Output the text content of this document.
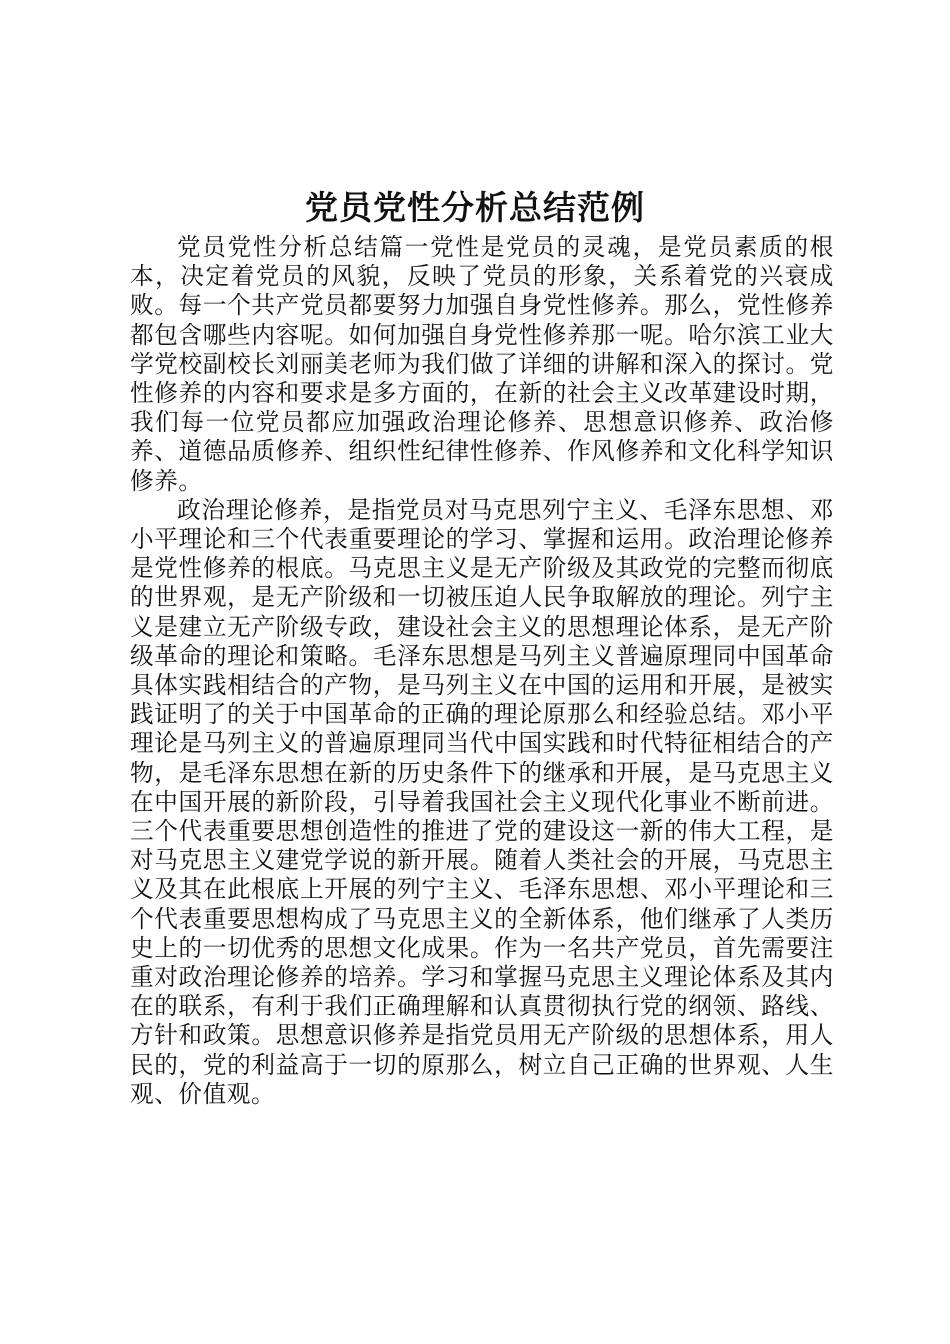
党员党性分析总结范例

党员党性分析总结篇一党性是党员的灵魂，是党员素质的根本，决定着党员的风貌，反映了党员的形象，关系着党的兴衰成败。每一个共产党员都要努力加强自身党性修养。那么，党性修养都包含哪些内容呢。如何加强自身党性修养那一呢。哈尔滨工业大学党校副校长刘丽美老师为我们做了详细的讲解和深入的探讨。党性修养的内容和要求是多方面的，在新的社会主义改革建设时期，我们每一位党员都应加强政治理论修养、思想意识修养、政治修养、道德品质修养、组织性纪律性修养、作风修养和文化科学知识修养。

政治理论修养，是指党员对马克思列宁主义、毛泽东思想、邓小平理论和三个代表重要理论的学习、掌握和运用。政治理论修养是党性修养的根底。马克思主义是无产阶级及其政党的完整而彻底的世界观，是无产阶级和一切被压迫人民争取解放的理论。列宁主义是建立无产阶级专政，建设社会主义的思想理论体系，是无产阶级革命的理论和策略。毛泽东思想是马列主义普遍原理同中国革命具体实践相结合的产物，是马列主义在中国的运用和开展，是被实践证明了的关于中国革命的正确的理论原那么和经验总结。邓小平理论是马列主义的普遍原理同当代中国实践和时代特征相结合的产物，是毛泽东思想在新的历史条件下的继承和开展，是马克思主义在中国开展的新阶段，引导着我国社会主义现代化事业不断前进。三个代表重要思想创造性的推进了党的建设这一新的伟大工程，是对马克思主义建党学说的新开展。随着人类社会的开展，马克思主义及其在此根底上开展的列宁主义、毛泽东思想、邓小平理论和三个代表重要思想构成了马克思主义的全新体系，他们继承了人类历史上的一切优秀的思想文化成果。作为一名共产党员，首先需要注重对政治理论修养的培养。学习和掌握马克思主义理论体系及其内在的联系，有利于我们正确理解和认真贯彻执行党的纲领、路线、方针和政策。思想意识修养是指党员用无产阶级的思想体系，用人民的，党的利益高于一切的原那么，树立自己正确的世界观、人生观、价值观。
